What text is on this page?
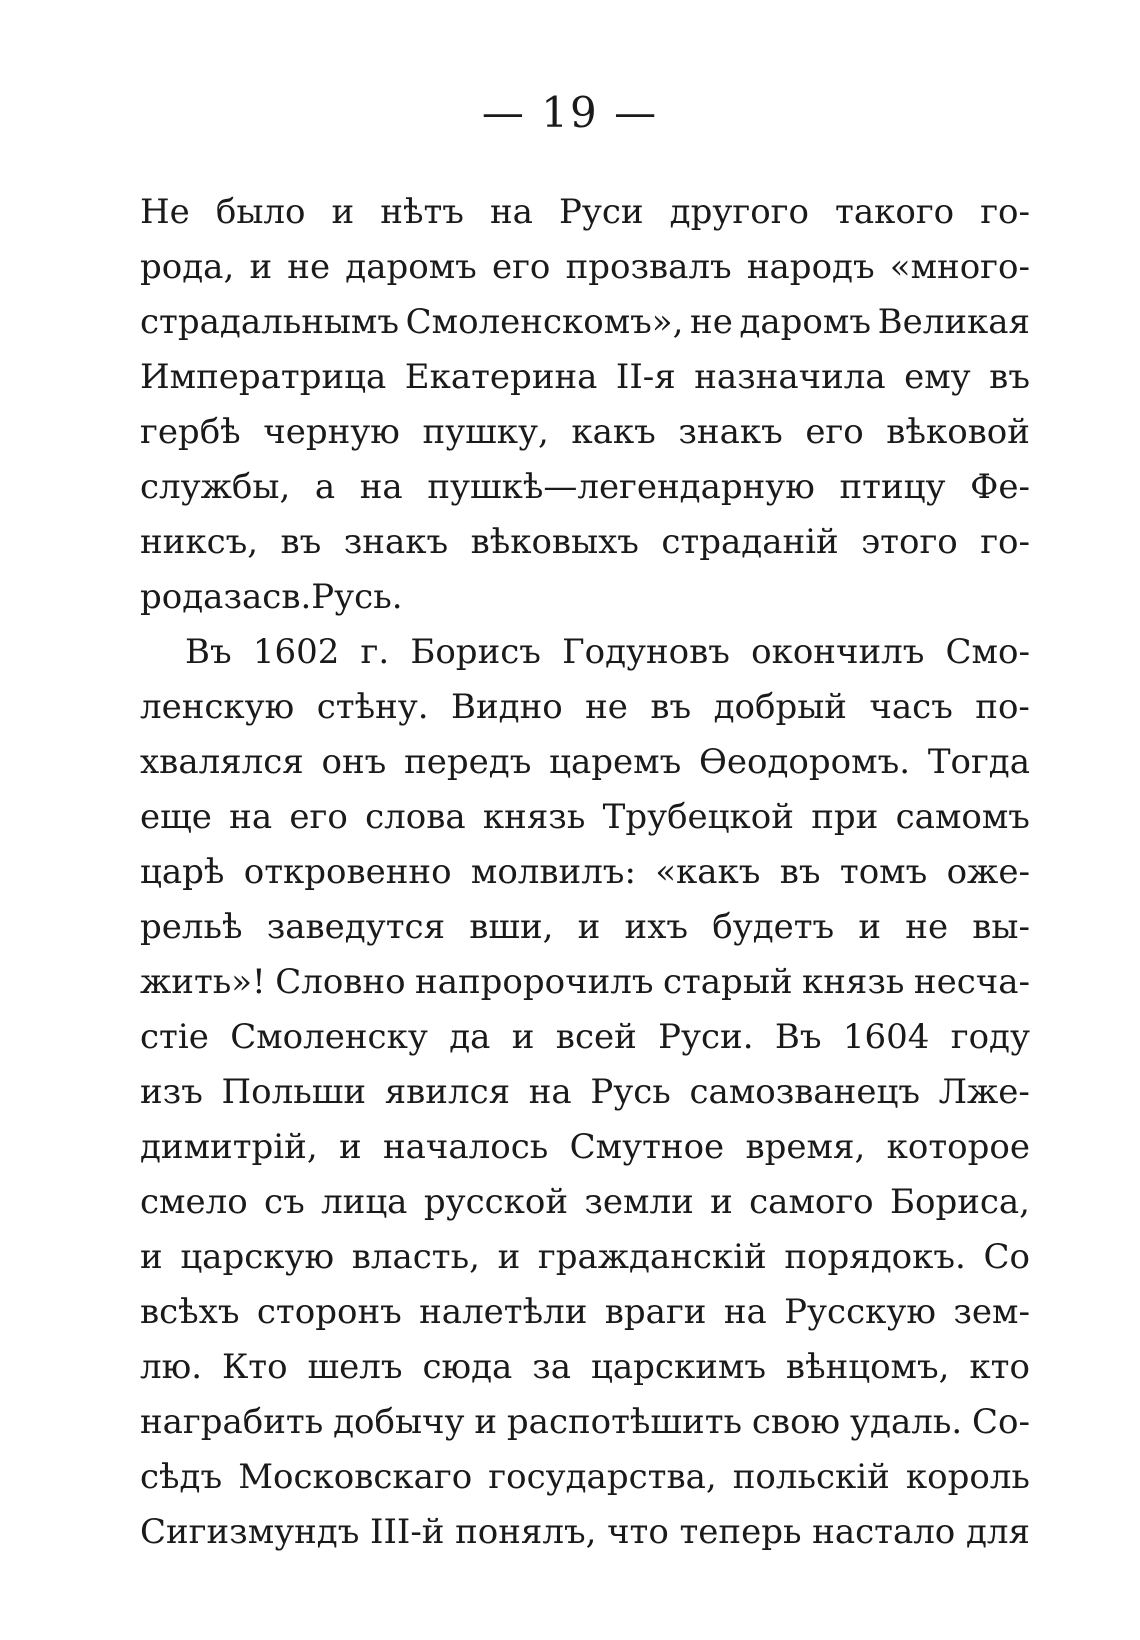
— 19 —
Не было и нѣтъ на Руси другого такого го-
рода, и не даромъ его прозвалъ народъ «много-
страдальнымъ Смоленскомъ», не даромъ Великая
Императрица Екатерина II-я назначила ему въ
гербѣ черную пушку, какъ знакъ его вѣковой
службы, а на пушкѣ—легендарную птицу Фе-
никсъ, въ знакъ вѣковыхъ страданій этого го-
рода за св. Русь.
Въ 1602 г. Борисъ Годуновъ окончилъ Смо-
ленскую стѣну. Видно не въ добрый часъ по-
хвалялся онъ передъ царемъ Ѳеодоромъ. Тогда
еще на его слова князь Трубецкой при самомъ
царѣ откровенно молвилъ: «какъ въ томъ оже-
рельѣ заведутся вши, и ихъ будетъ и не вы-
жить»! Словно напророчилъ старый князь несча-
стіе Смоленску да и всей Руси. Въ 1604 году
изъ Польши явился на Русь самозванецъ Лже-
димитрій, и началось Смутное время, которое
смело съ лица русской земли и самого Бориса,
и царскую власть, и гражданскій порядокъ. Со
всѣхъ сторонъ налетѣли враги на Русскую зем-
лю. Кто шелъ сюда за царскимъ вѣнцомъ, кто
награбить добычу и распотѣшить свою удаль. Со-
сѣдъ Московскаго государства, польскій король
Сигизмундъ III-й понялъ, что теперь настало для
